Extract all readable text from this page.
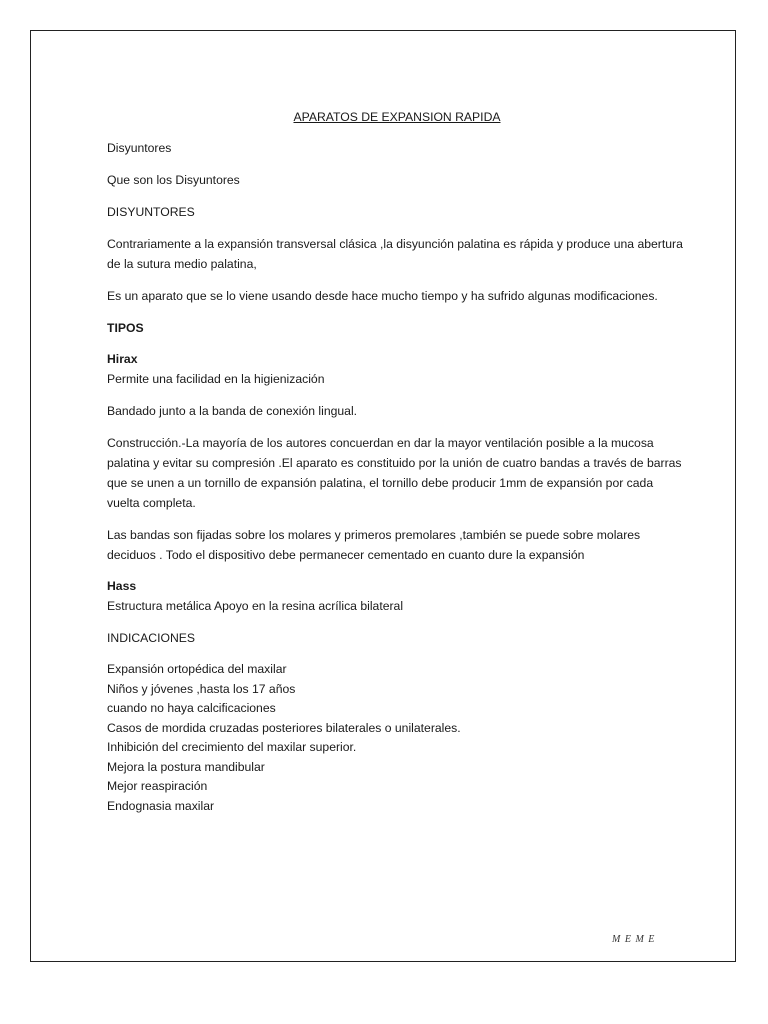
APARATOS DE EXPANSION RAPIDA

Disyuntores

Que son los Disyuntores

DISYUNTORES

Contrariamente a la expansión transversal clásica ,la disyunción palatina es rápida y produce una abertura de la sutura medio palatina,

Es un aparato que se lo viene usando desde hace mucho tiempo y ha sufrido algunas modificaciones.

TIPOS

Hirax
Permite una facilidad en la higienización

Bandado junto a la banda de conexión lingual.

Construcción.-La mayoría de los autores concuerdan en dar la mayor ventilación posible a la mucosa palatina y evitar su compresión .El aparato es constituido por la unión de cuatro bandas a través de barras que se unen a un tornillo de expansión palatina, el tornillo debe producir 1mm de expansión por cada vuelta completa.

Las bandas son fijadas sobre los molares y primeros premolares ,también se puede sobre molares deciduos . Todo el dispositivo debe permanecer cementado en cuanto dure la expansión

Hass
Estructura metálica Apoyo en la resina acrílica bilateral

INDICACIONES

Expansión ortopédica del maxilar
Niños y jóvenes ,hasta los 17 años
cuando no haya calcificaciones
Casos de mordida cruzadas posteriores bilaterales o unilaterales.
Inhibición del crecimiento del maxilar superior.
Mejora la postura mandibular
Mejor reaspiración
Endognasia maxilar
M E M E
